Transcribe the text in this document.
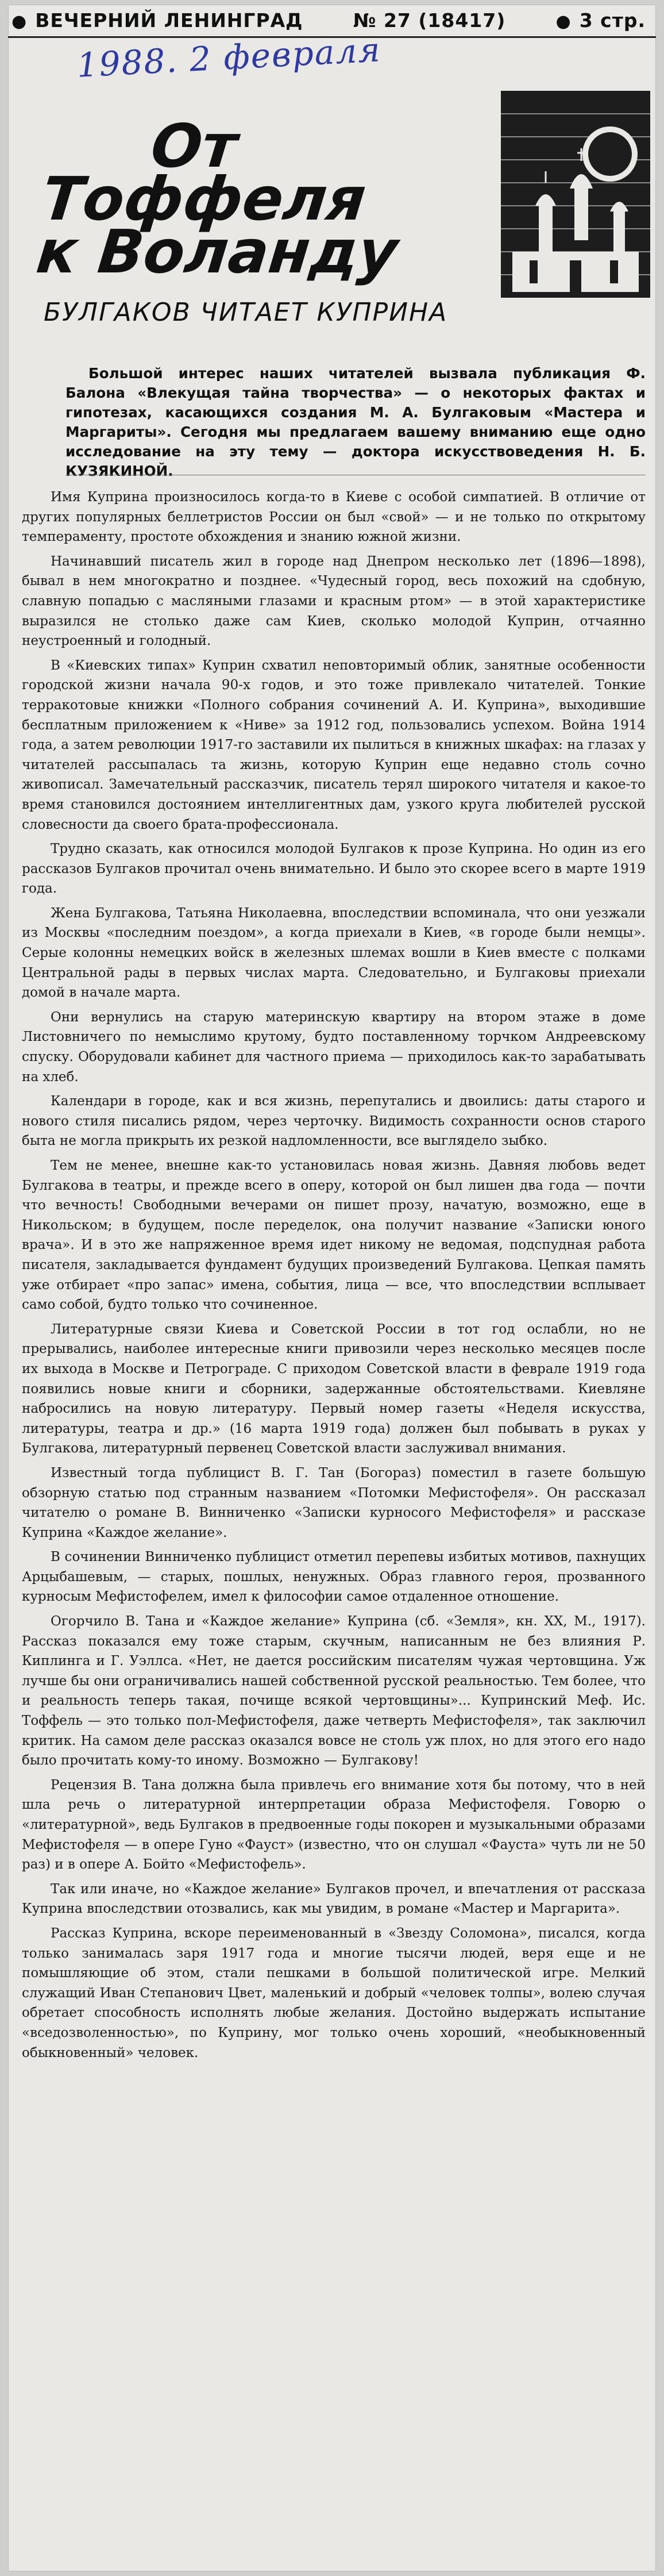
● ВЕЧЕРНИЙ ЛЕНИНГРАД	№ 27 (18417)	● 3 стр.
1988. 2 февраля
От
Тоффеля
к Воланду
БУЛГАКОВ ЧИТАЕТ КУПРИНА

Большой интерес наших читателей вызвала публикация Ф. Балона «Влекущая тайна творчества» — о некоторых фактах и гипотезах, касающихся создания М. А. Булгаковым «Мастера и Маргариты». Сегодня мы предлагаем вашему вниманию еще одно исследование на эту тему — доктора искусствоведения Н. Б. КУЗЯКИНОЙ.

Имя Куприна произносилось когда-то в Киеве с особой симпатией. В отличие от других популярных беллетристов России он был «свой» — и не только по открытому темпераменту, простоте обхождения и знанию южной жизни.

Начинавший писатель жил в городе над Днепром несколько лет (1896—1898), бывал в нем многократно и позднее. «Чудесный город, весь похожий на сдобную, славную попадью с масляными глазами и красным ртом» — в этой характеристике выразился не столько даже сам Киев, сколько молодой Куприн, отчаянно неустроенный и голодный.

В «Киевских типах» Куприн схватил неповторимый облик, занятные особенности городской жизни начала 90-х годов, и это тоже привлекало читателей. Тонкие терракотовые книжки «Полного собрания сочинений А. И. Куприна», выходившие бесплатным приложением к «Ниве» за 1912 год, пользовались успехом. Война 1914 года, а затем революции 1917-го заставили их пылиться в книжных шкафах: на глазах у читателей рассыпалась та жизнь, которую Куприн еще недавно столь сочно живописал. Замечательный рассказчик, писатель терял широкого читателя и какое-то время становился достоянием интеллигентных дам, узкого круга любителей русской словесности да своего брата-профессионала.

Трудно сказать, как относился молодой Булгаков к прозе Куприна. Но один из его рассказов Булгаков прочитал очень внимательно. И было это скорее всего в марте 1919 года.

Жена Булгакова, Татьяна Николаевна, впоследствии вспоминала, что они уезжали из Москвы «последним поездом», а когда приехали в Киев, «в городе были немцы». Серые колонны немецких войск в железных шлемах вошли в Киев вместе с полками Центральной рады в первых числах марта. Следовательно, и Булгаковы приехали домой в начале марта.

Они вернулись на старую материнскую квартиру на втором этаже в доме Листовничего по немыслимо крутому, будто поставленному торчком Андреевскому спуску. Оборудовали кабинет для частного приема — приходилось как-то зарабатывать на хлеб.

Календари в городе, как и вся жизнь, перепутались и двоились: даты старого и нового стиля писались рядом, через черточку. Видимость сохранности основ старого быта не могла прикрыть их резкой надломленности, все выглядело зыбко.

Тем не менее, внешне как-то установилась новая жизнь. Давняя любовь ведет Булгакова в театры, и прежде всего в оперу, которой он был лишен два года — почти что вечность! Свободными вечерами он пишет прозу, начатую, возможно, еще в Никольском; в будущем, после переделок, она получит название «Записки юного врача». И в это же напряженное время идет никому не ведомая, подспудная работа писателя, закладывается фундамент будущих произведений Булгакова. Цепкая память уже отбирает «про запас» имена, события, лица — все, что впоследствии всплывает само собой, будто только что сочиненное.

Литературные связи Киева и Советской России в тот год ослабли, но не прерывались, наиболее интересные книги привозили через несколько месяцев после их выхода в Москве и Петрограде. С приходом Советской власти в феврале 1919 года появились новые книги и сборники, задержанные обстоятельствами. Киевляне набросились на новую литературу. Первый номер газеты «Неделя искусства, литературы, театра и др.» (16 марта 1919 года) должен был побывать в руках у Булгакова, литературный первенец Советской власти заслуживал внимания.

Известный тогда публицист В. Г. Тан (Богораз) поместил в газете большую обзорную статью под странным названием «Потомки Мефистофеля». Он рассказал читателю о романе В. Винниченко «Записки курносого Мефистофеля» и рассказе Куприна «Каждое желание».

В сочинении Винниченко публицист отметил перепевы избитых мотивов, пахнущих Арцыбашевым, — старых, пошлых, ненужных. Образ главного героя, прозванного курносым Мефистофелем, имел к философии самое отдаленное отношение.

Огорчило В. Тана и «Каждое желание» Куприна (сб. «Земля», кн. XX, М., 1917). Рассказ показался ему тоже старым, скучным, написанным не без влияния Р. Киплинга и Г. Уэллса. «Нет, не дается российским писателям чужая чертовщина. Уж лучше бы они ограничивались нашей собственной русской реальностью. Тем более, что и реальность теперь такая, почище всякой чертовщины»... Купринский Меф. Ис. Тоффель — это только пол-Мефистофеля, даже четверть Мефистофеля», так заключил критик. На самом деле рассказ оказался вовсе не столь уж плох, но для этого его надо было прочитать кому-то иному. Возможно — Булгакову!

Рецензия В. Тана должна была привлечь его внимание хотя бы потому, что в ней шла речь о литературной интерпретации образа Мефистофеля. Говорю о «литературной», ведь Булгаков в предвоенные годы покорен и музыкальными образами Мефистофеля — в опере Гуно «Фауст» (известно, что он слушал «Фауста» чуть ли не 50 раз) и в опере А. Бойто «Мефистофель».

Так или иначе, но «Каждое желание» Булгаков прочел, и впечатления от рассказа Куприна впоследствии отозвались, как мы увидим, в романе «Мастер и Маргарита».

Рассказ Куприна, вскоре переименованный в «Звезду Соломона», писался, когда только занималась заря 1917 года и многие тысячи людей, веря еще и не помышляющие об этом, стали пешками в большой политической игре. Мелкий служащий Иван Степанович Цвет, маленький и добрый «человек толпы», волею случая обретает способность исполнять любые желания. Достойно выдержать испытание «вседозволенностью», по Куприну, мог только очень хороший, «необыкновенный обыкновенный» человек.
